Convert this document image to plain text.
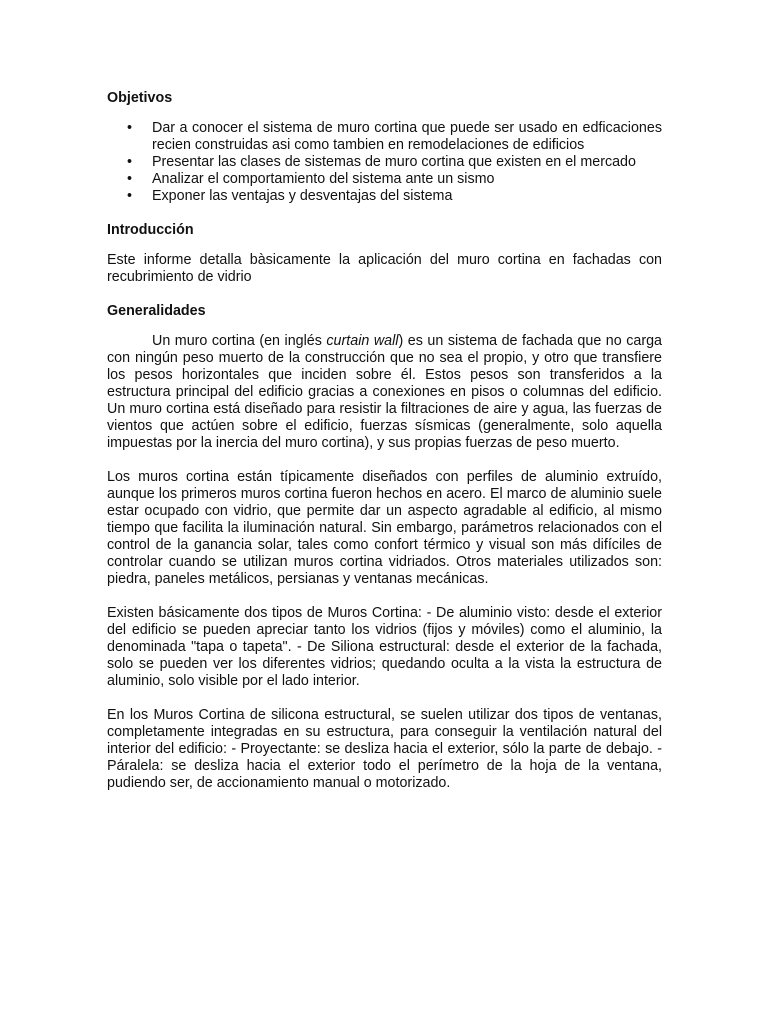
Objetivos
• Dar a conocer el sistema de muro cortina que puede ser usado en edficaciones recien construidas asi como tambien en remodelaciones de edificios
• Presentar las clases de sistemas de muro cortina que existen en el mercado
• Analizar el comportamiento del sistema ante un sismo
• Exponer las ventajas y desventajas del sistema
Introducción

Este informe detalla bàsicamente la aplicación del muro cortina en fachadas con recubrimiento de vidrio

Generalidades

Un muro cortina (en inglés curtain wall) es un sistema de fachada que no carga con ningún peso muerto de la construcción que no sea el propio, y otro que transfiere los pesos horizontales que inciden sobre él. Estos pesos son transferidos a la estructura principal del edificio gracias a conexiones en pisos o columnas del edificio. Un muro cortina está diseñado para resistir la filtraciones de aire y agua, las fuerzas de vientos que actúen sobre el edificio, fuerzas sísmicas (generalmente, solo aquella impuestas por la inercia del muro cortina), y sus propias fuerzas de peso muerto.

Los muros cortina están típicamente diseñados con perfiles de aluminio extruído, aunque los primeros muros cortina fueron hechos en acero. El marco de aluminio suele estar ocupado con vidrio, que permite dar un aspecto agradable al edificio, al mismo tiempo que facilita la iluminación natural. Sin embargo, parámetros relacionados con el control de la ganancia solar, tales como confort térmico y visual son más difíciles de controlar cuando se utilizan muros cortina vidriados. Otros materiales utilizados son: piedra, paneles metálicos, persianas y ventanas mecánicas.

Existen básicamente dos tipos de Muros Cortina: - De aluminio visto: desde el exterior del edificio se pueden apreciar tanto los vidrios (fijos y móviles) como el aluminio, la denominada "tapa o tapeta". - De Siliona estructural: desde el exterior de la fachada, solo se pueden ver los diferentes vidrios; quedando oculta a la vista la estructura de aluminio, solo visible por el lado interior.

En los Muros Cortina de silicona estructural, se suelen utilizar dos tipos de ventanas, completamente integradas en su estructura, para conseguir la ventilación natural del interior del edificio: - Proyectante: se desliza hacia el exterior, sólo la parte de debajo. - Páralela: se desliza hacia el exterior todo el perímetro de la hoja de la ventana, pudiendo ser, de accionamiento manual o motorizado.
